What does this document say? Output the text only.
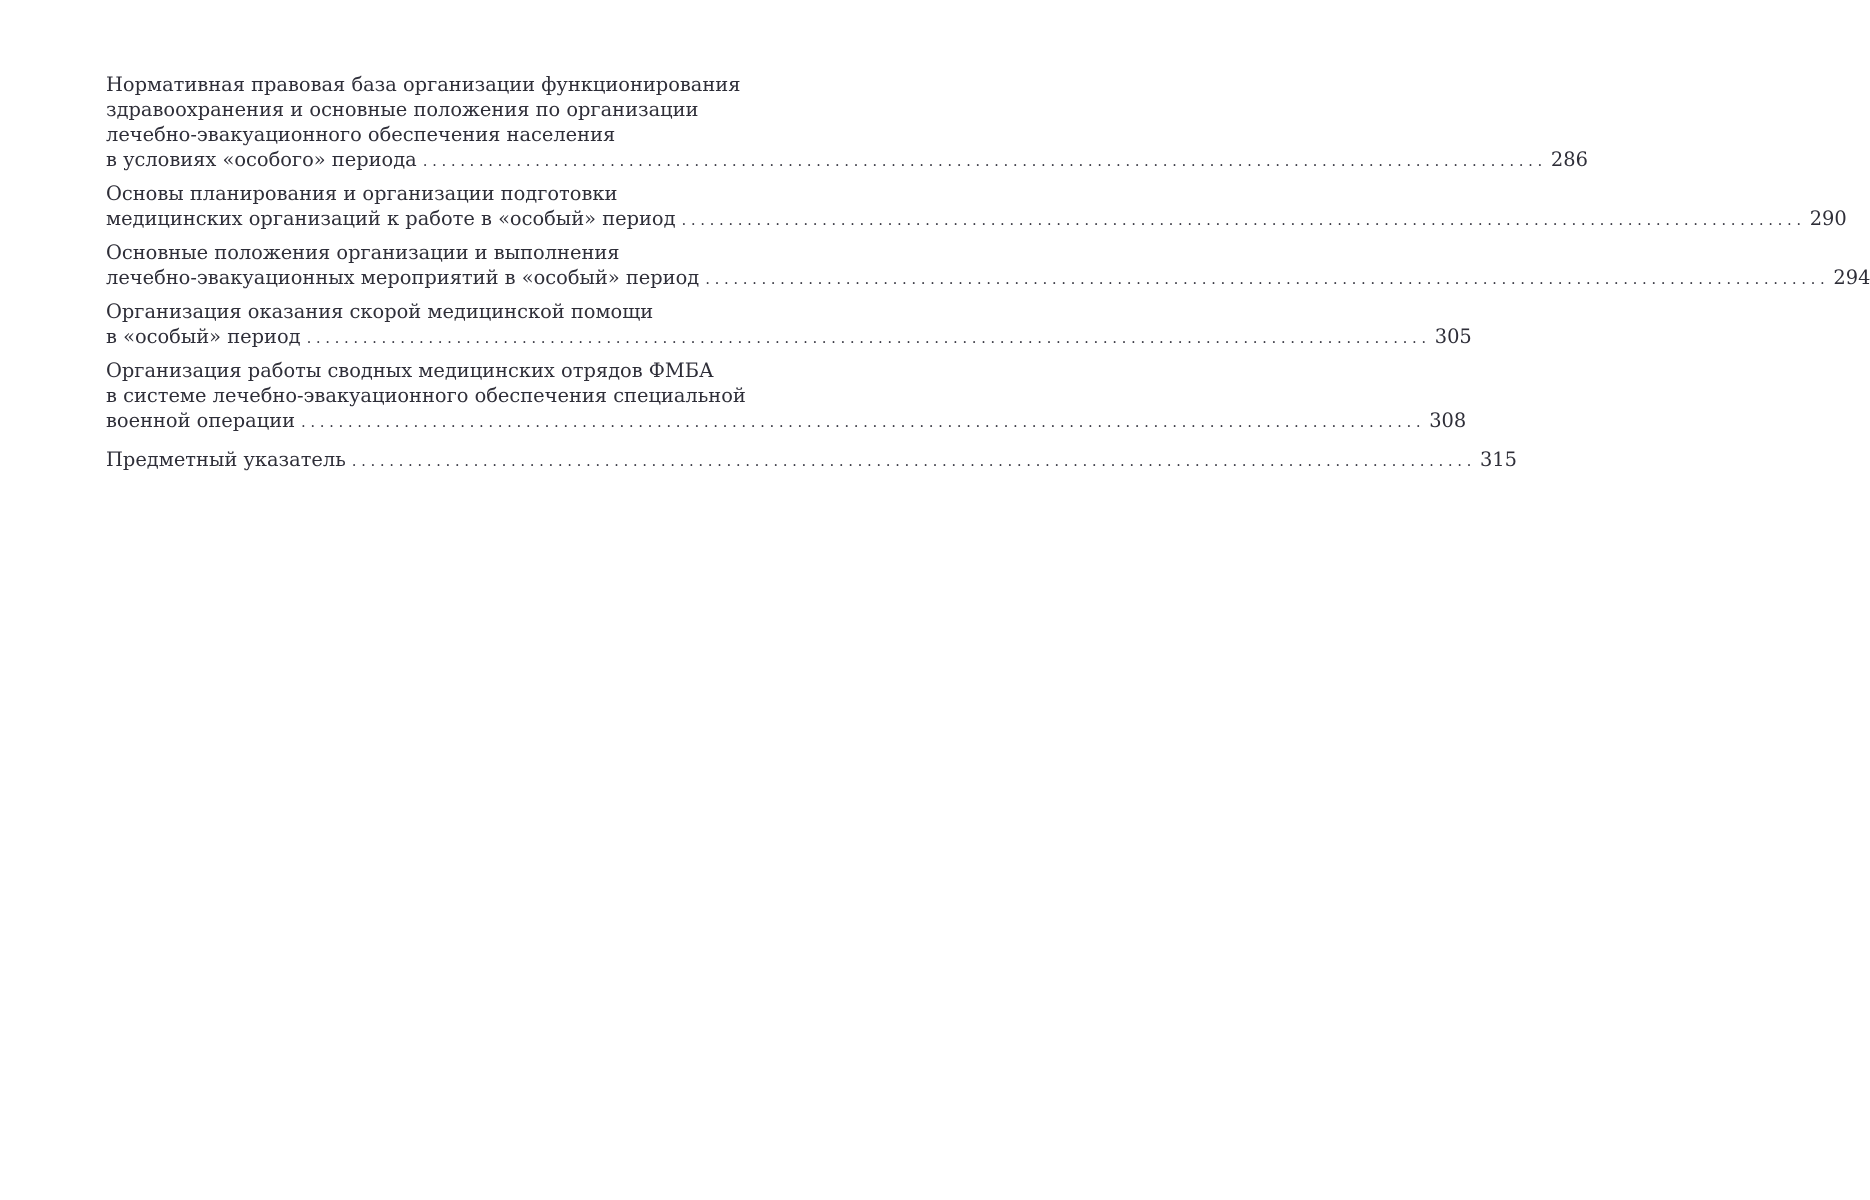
Нормативная правовая база организации функционирования
здравоохранения и основные положения по организации
лечебно-эвакуационного обеспечения населения
в условиях «особого» периода ........................................................................................................................ 286
Основы планирования и организации подготовки
медицинских организаций к работе в «особый» период ........................................................................................................................ 290
Основные положения организации и выполнения
лечебно-эвакуационных мероприятий в «особый» период ........................................................................................................................ 294
Организация оказания скорой медицинской помощи
в «особый» период ........................................................................................................................ 305
Организация работы сводных медицинских отрядов ФМБА
в системе лечебно-эвакуационного обеспечения специальной
военной операции ........................................................................................................................ 308
Предметный указатель ........................................................................................................................ 315
